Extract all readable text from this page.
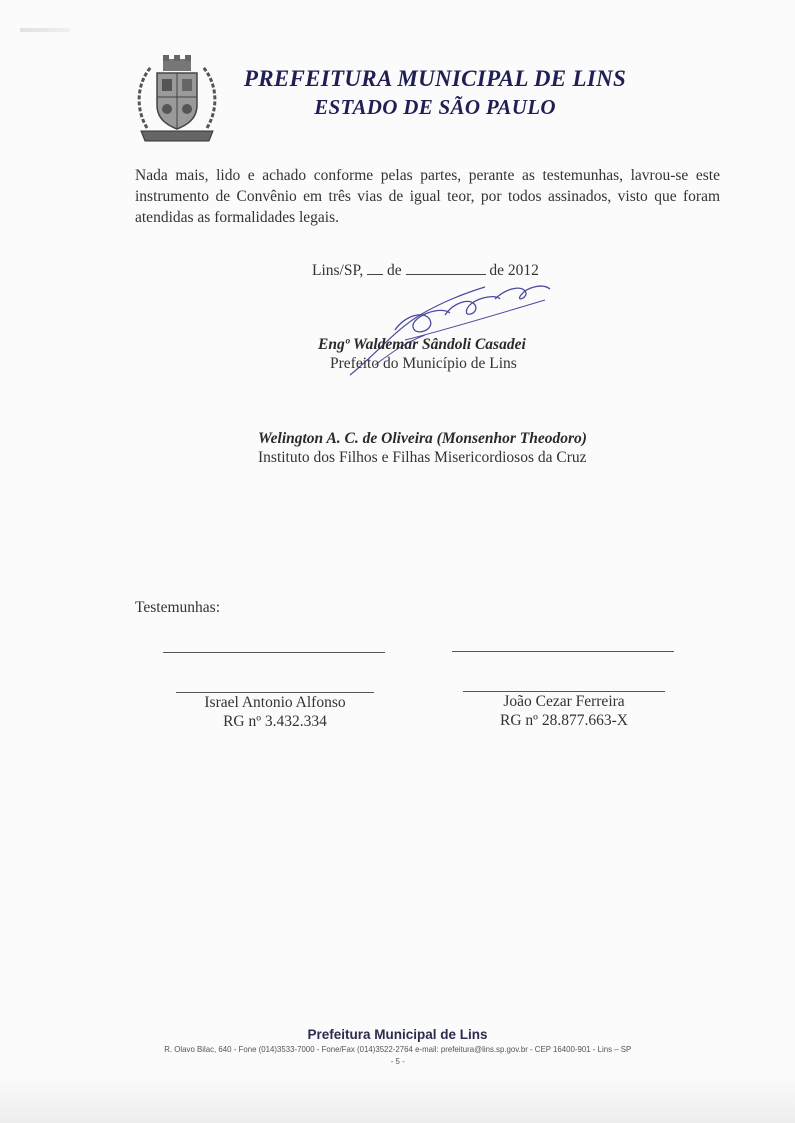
PREFEITURA MUNICIPAL DE LINS
ESTADO DE SÃO PAULO
Nada mais, lido e achado conforme pelas partes, perante as testemunhas, lavrou-se este instrumento de Convênio em três vias de igual teor, por todos assinados, visto que foram atendidas as formalidades legais.
Lins/SP, de	de 2012
Engº Waldemar Sândoli Casadei
Prefeito do Município de Lins
Welington A. C. de Oliveira (Monsenhor Theodoro)
Instituto dos Filhos e Filhas Misericordiosos da Cruz
Testemunhas:
Israel Antonio Alfonso
RG nº 3.432.334
João Cezar Ferreira
RG nº 28.877.663-X
Prefeitura Municipal de Lins
R. Olavo Bilac, 640 - Fone (014)3533-7000 - Fone/Fax (014)3522-2764 e-mail: prefeitura@lins.sp.gov.br - CEP 16400-901 - Lins – SP
- 5 -
